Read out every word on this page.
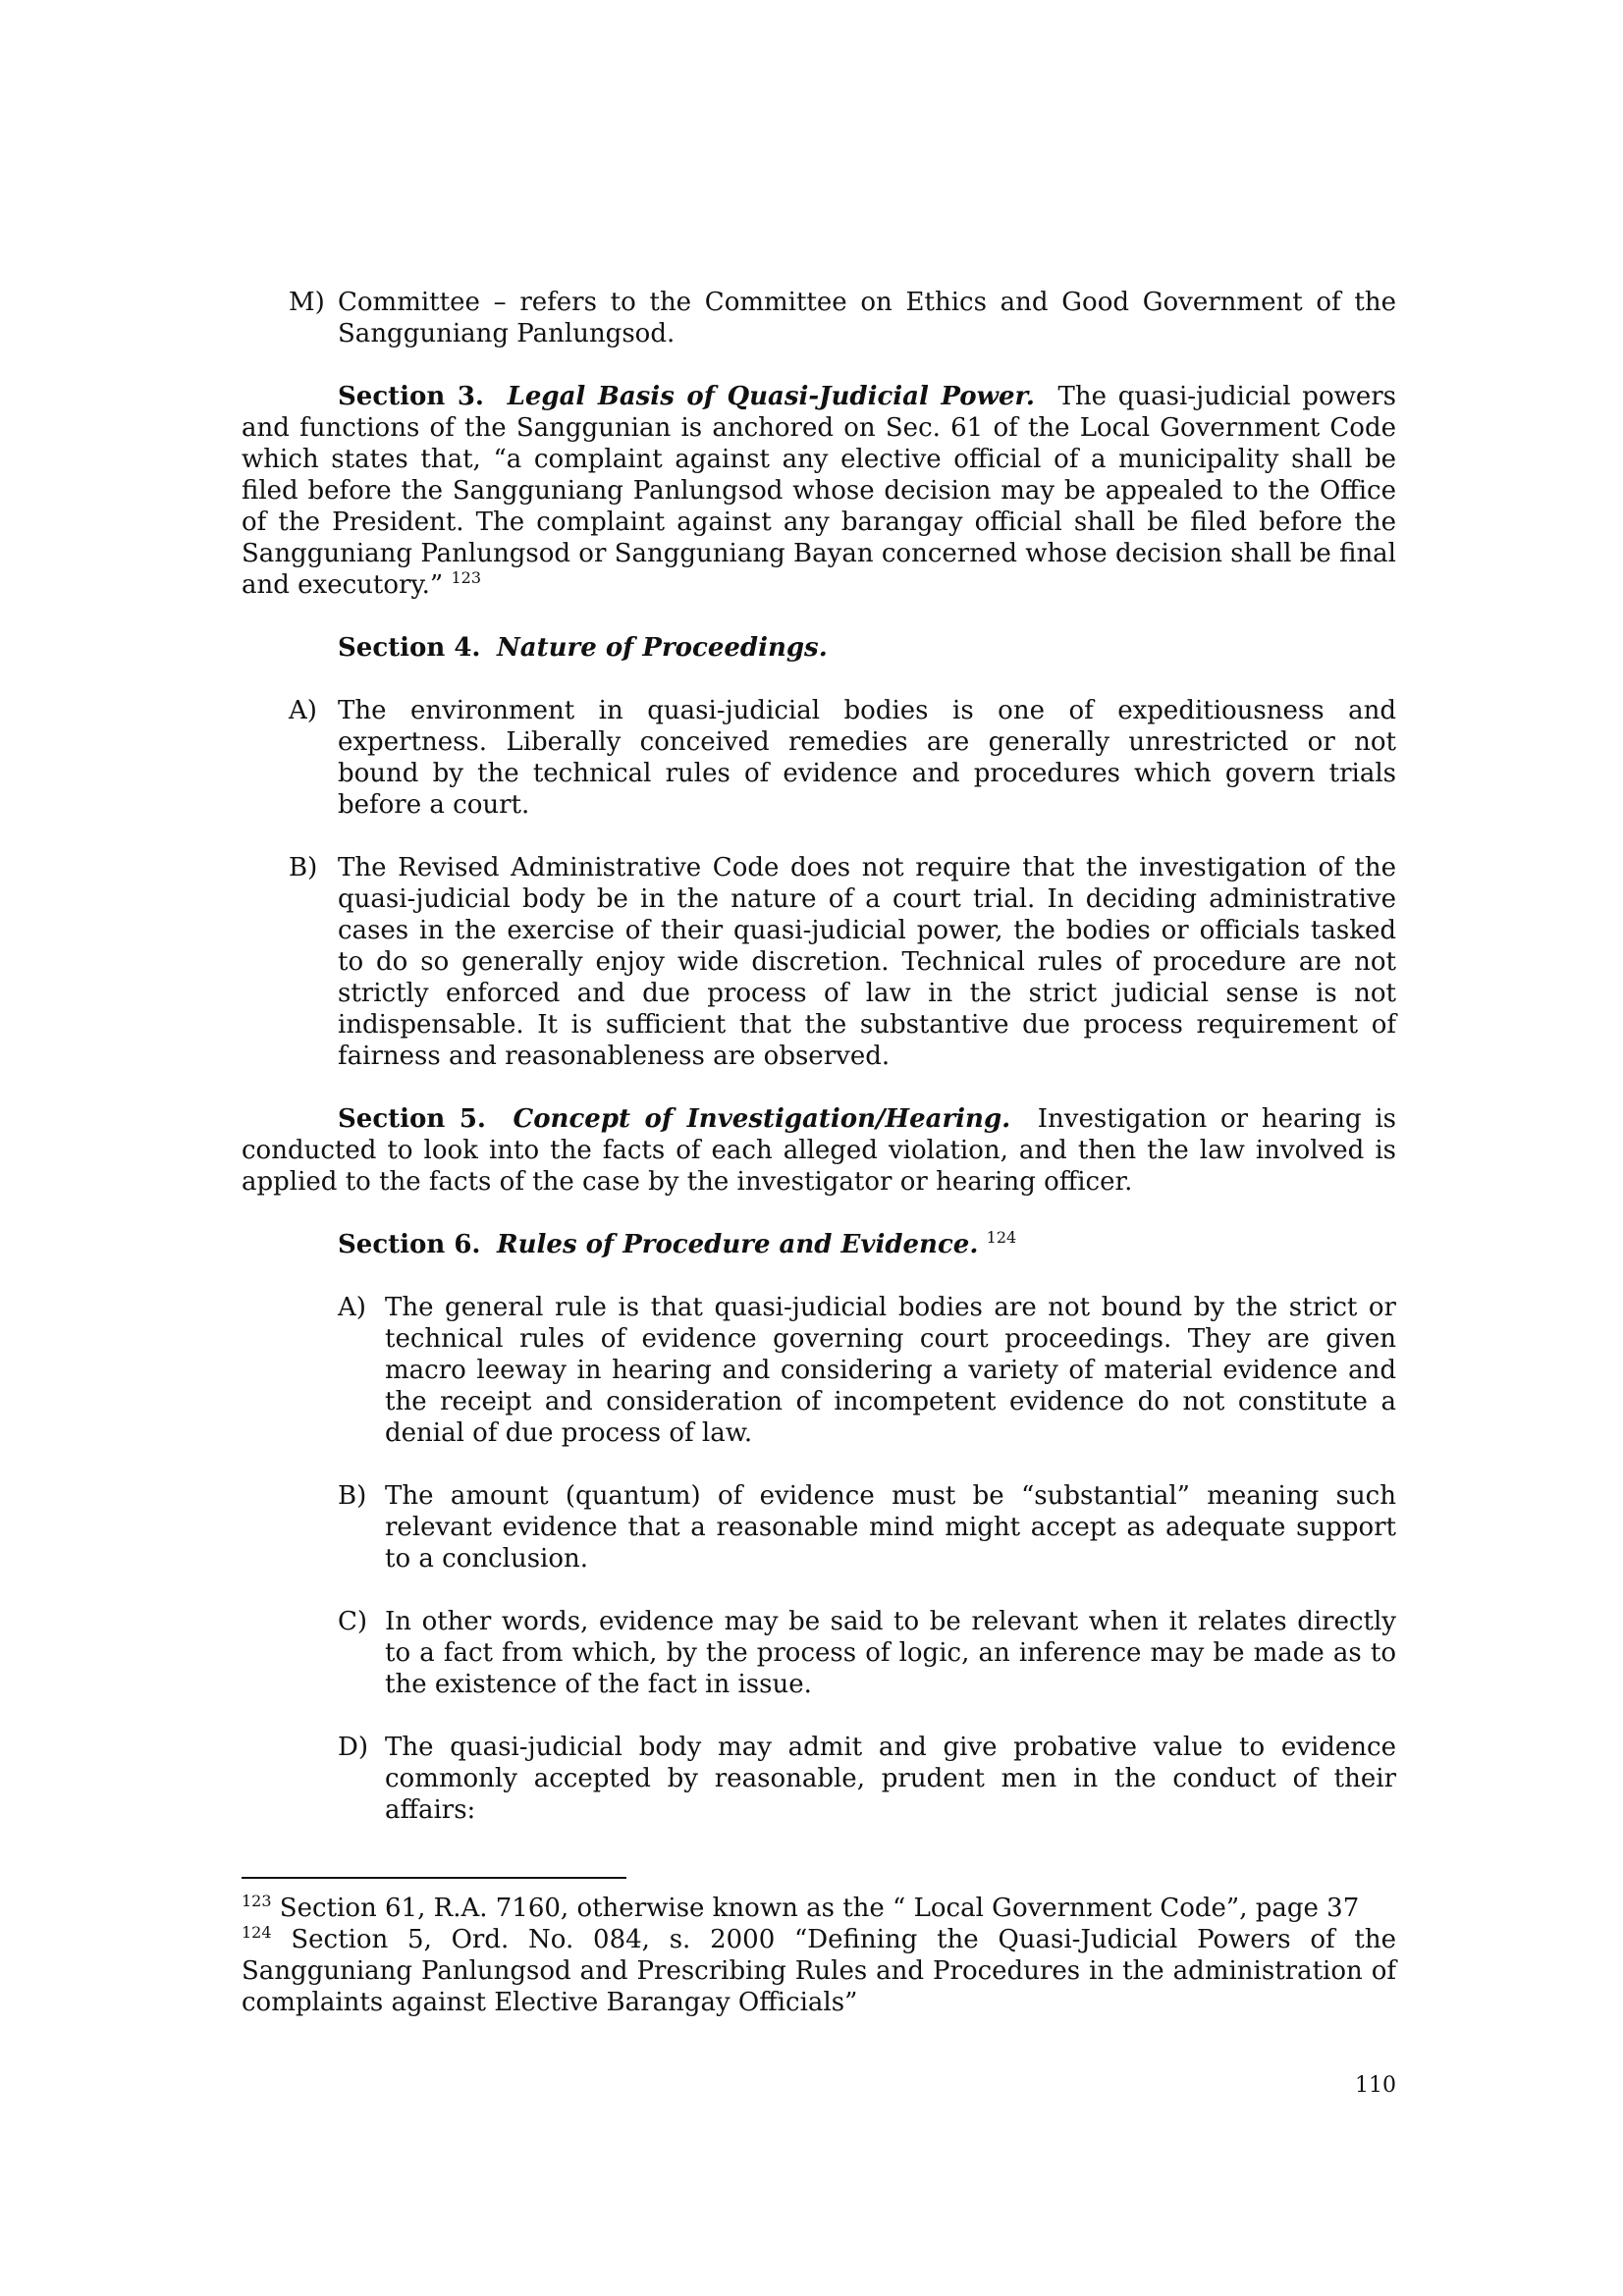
M) Committee – refers to the Committee on Ethics and Good Government of the Sangguniang Panlungsod.

Section 3. Legal Basis of Quasi-Judicial Power. The quasi-judicial powers and functions of the Sanggunian is anchored on Sec. 61 of the Local Government Code which states that, “a complaint against any elective official of a municipality shall be filed before the Sangguniang Panlungsod whose decision may be appealed to the Office of the President. The complaint against any barangay official shall be filed before the Sangguniang Panlungsod or Sangguniang Bayan concerned whose decision shall be final and executory.” $^{123}$

Section 4. Nature of Proceedings.

A) The environment in quasi-judicial bodies is one of expeditiousness and expertness. Liberally conceived remedies are generally unrestricted or not bound by the technical rules of evidence and procedures which govern trials before a court.
B) The Revised Administrative Code does not require that the investigation of the quasi-judicial body be in the nature of a court trial. In deciding administrative cases in the exercise of their quasi-judicial power, the bodies or officials tasked to do so generally enjoy wide discretion. Technical rules of procedure are not strictly enforced and due process of law in the strict judicial sense is not indispensable. It is sufficient that the substantive due process requirement of fairness and reasonableness are observed.

Section 5. Concept of Investigation/Hearing. Investigation or hearing is conducted to look into the facts of each alleged violation, and then the law involved is applied to the facts of the case by the investigator or hearing officer.

Section 6. Rules of Procedure and Evidence. $^{124}$

A) The general rule is that quasi-judicial bodies are not bound by the strict or technical rules of evidence governing court proceedings. They are given macro leeway in hearing and considering a variety of material evidence and the receipt and consideration of incompetent evidence do not constitute a denial of due process of law.
B) The amount (quantum) of evidence must be “substantial” meaning such relevant evidence that a reasonable mind might accept as adequate support to a conclusion.
C) In other words, evidence may be said to be relevant when it relates directly to a fact from which, by the process of logic, an inference may be made as to the existence of the fact in issue.
D) The quasi-judicial body may admit and give probative value to evidence commonly accepted by reasonable, prudent men in the conduct of their affairs:
$^{123}$ Section 61, R.A. 7160, otherwise known as the “ Local Government Code”, page 37
$^{124}$ Section 5, Ord. No. 084, s. 2000 “Defining the Quasi-Judicial Powers of the Sangguniang Panlungsod and Prescribing Rules and Procedures in the administration of complaints against Elective Barangay Officials”
110
